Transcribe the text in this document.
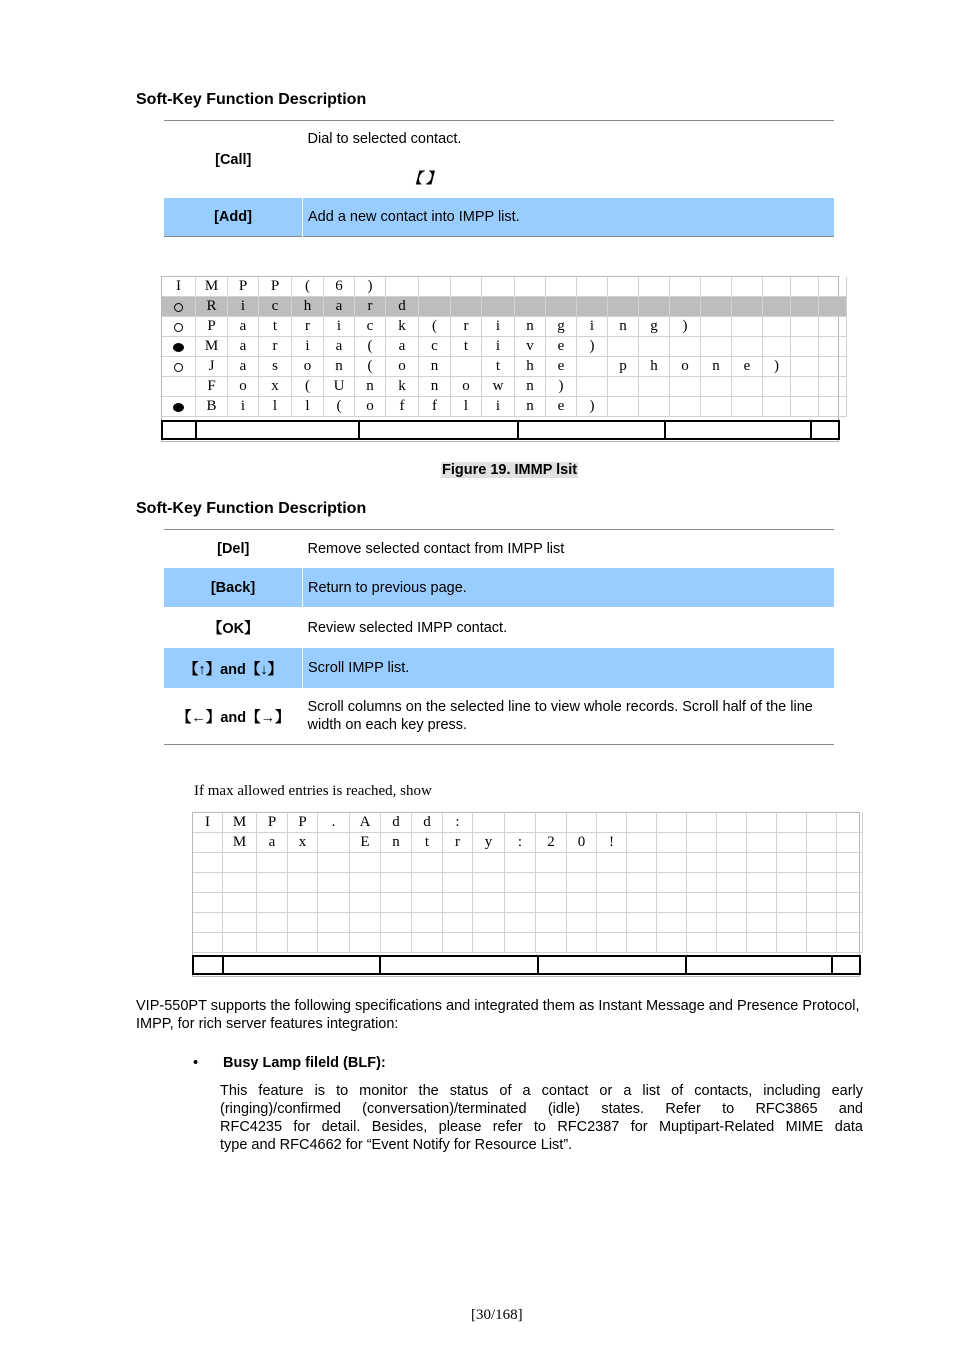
Soft-Key Function Description
[Call]	Dial to selected contact.
【 】

[Add]	Add a new contact into IMPP list.
I	M	P	P	(	6	)
R	i	c	h	a	r	d
P	a	t	r	i	c	k	(	r	i	n	g	i	n	g	)
M	a	r	i	a	(	a	c	t	i	v	e	)
J	a	s	o	n	(	o	n	t	h	e	p	h	o	n	e	)
F	o	x	(	U	n	k	n	o	w	n	)
B	i	l	l	(	o	f	f	l	i	n	e	)
Figure 19. IMMP lsit
Soft-Key Function Description
[Del]	Remove selected contact from IMPP list
[Back]	Return to previous page.
【OK】	Review selected IMPP contact.
【↑】and【↓】	Scroll IMPP list.
【←】and【→】	Scroll columns on the selected line to view whole records. Scroll half of the line width on each key press.
If max allowed entries is reached, show
I	M	P	P	.	A	d	d	:
M	a	x	E	n	t	r	y	:	2	0	!
VIP-550PT supports the following specifications and integrated them as Instant Message and Presence Protocol, IMPP, for rich server features integration:
• Busy Lamp fileld (BLF):
This feature is to monitor the status of a contact or a list of contacts, including early
(ringing)/confirmed (conversation)/terminated (idle) states. Refer to RFC3865 and
RFC4235 for detail. Besides, please refer to RFC2387 for Muptipart-Related MIME data
type and RFC4662 for “Event Notify for Resource List”.
[30/168]
